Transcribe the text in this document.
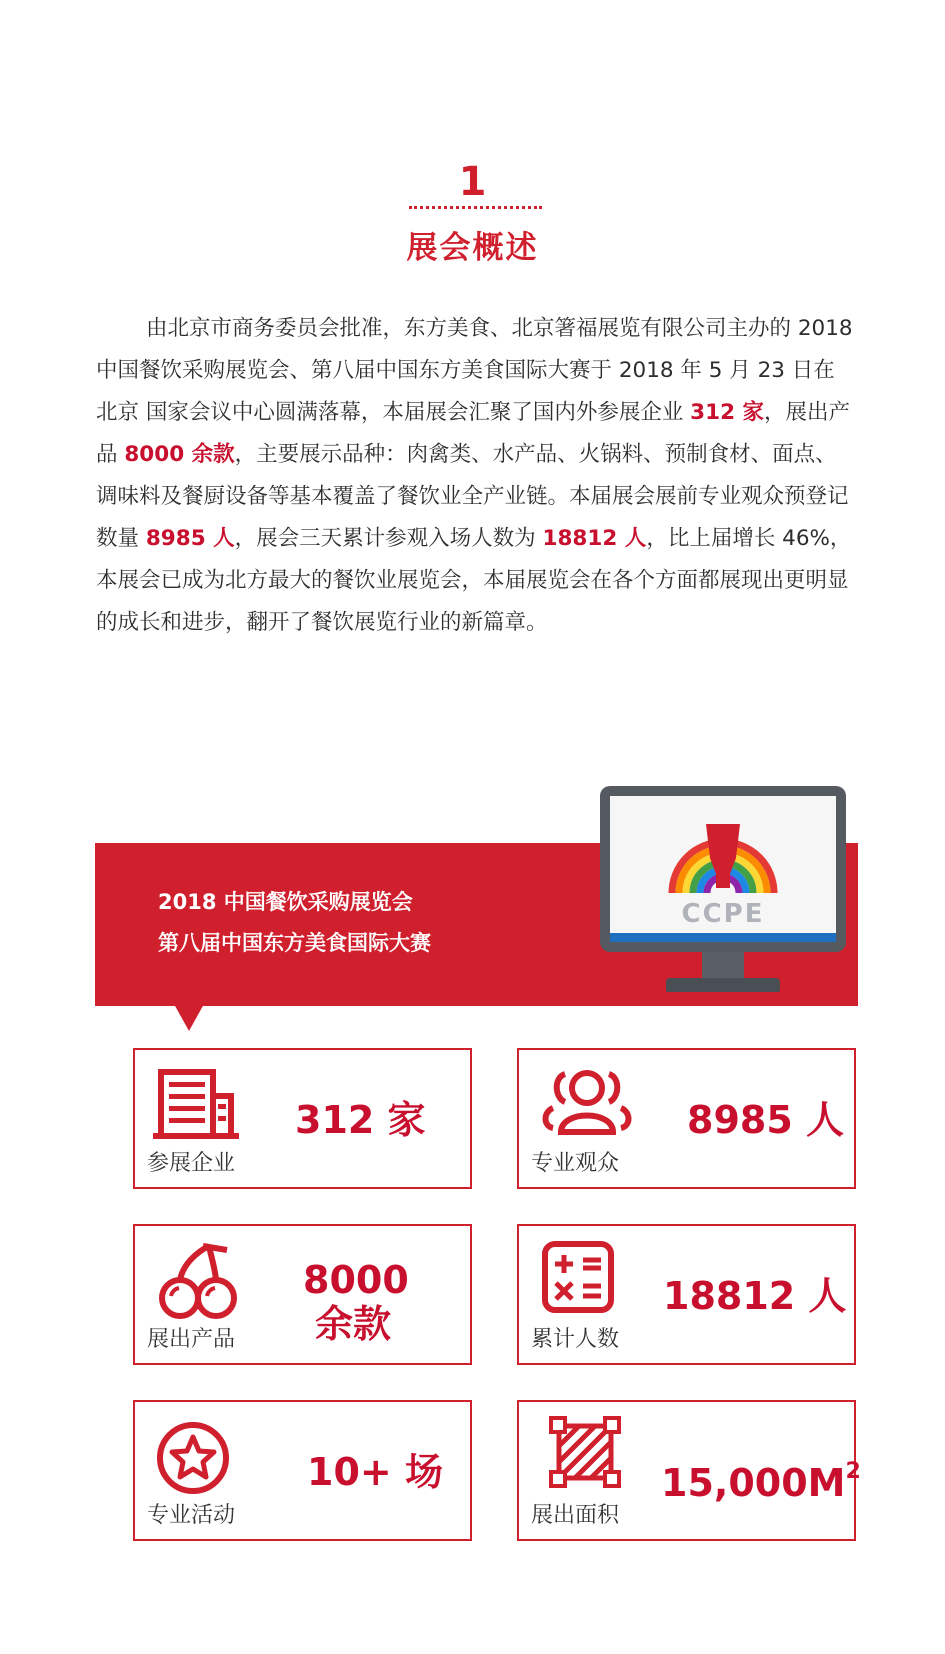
1
展会概述

由北京市商务委员会批准，东方美食、北京箸福展览有限公司主办的 2018 中国餐饮采购展览会、第八届中国东方美食国际大赛于 2018 年 5 月 23 日在北京 国家会议中心圆满落幕，本届展会汇聚了国内外参展企业 312 家，展出产品 8000 余款，主要展示品种：肉禽类、水产品、火锅料、预制食材、面点、调味料及餐厨设备等基本覆盖了餐饮业全产业链。本届展会展前专业观众预登记数量 8985 人，展会三天累计参观入场人数为 18812 人，比上届增长 46%，本展会已成为北方最大的餐饮业展览会，本届展览会在各个方面都展现出更明显的成长和进步，翻开了餐饮展览行业的新篇章。

2018 中国餐饮采购展览会
第八届中国东方美食国际大赛
CCPE
312 家
参展企业
8985 人
专业观众
8000
余款
展出产品
18812 人
累计人数
10+ 场
专业活动
$15,000M^2$
展出面积
